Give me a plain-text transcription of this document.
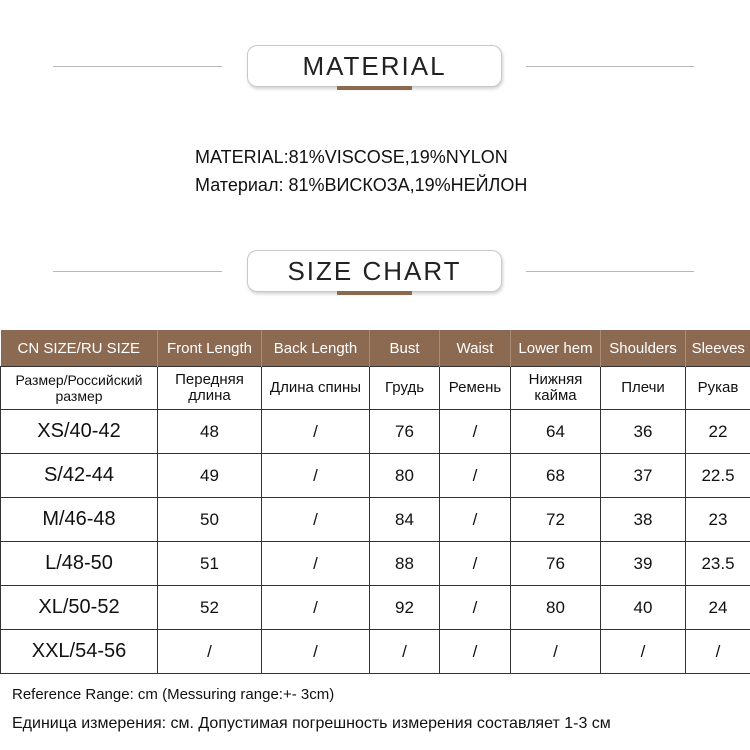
MATERIAL
MATERIAL:81%VISCOSE,19%NYLON
Материал: 81%ВИСКОЗА,19%НЕЙЛОН
SIZE CHART
CN SIZE/RU SIZE	Front Length	Back Length	Bust	Waist	Lower hem	Shoulders	Sleeves
Размер/Российский размер	Передняя длина	Длина спины	Грудь	Ремень	Нижняя кайма	Плечи	Рукав
XS/40-42	48	/	76	/	64	36	22
S/42-44	49	/	80	/	68	37	22.5
M/46-48	50	/	84	/	72	38	23
L/48-50	51	/	88	/	76	39	23.5
XL/50-52	52	/	92	/	80	40	24
XXL/54-56	/	/	/	/	/	/	/
Reference Range: cm (Messuring range:+- 3cm)
Единица измерения: см. Допустимая погрешность измерения составляет 1-3 см
